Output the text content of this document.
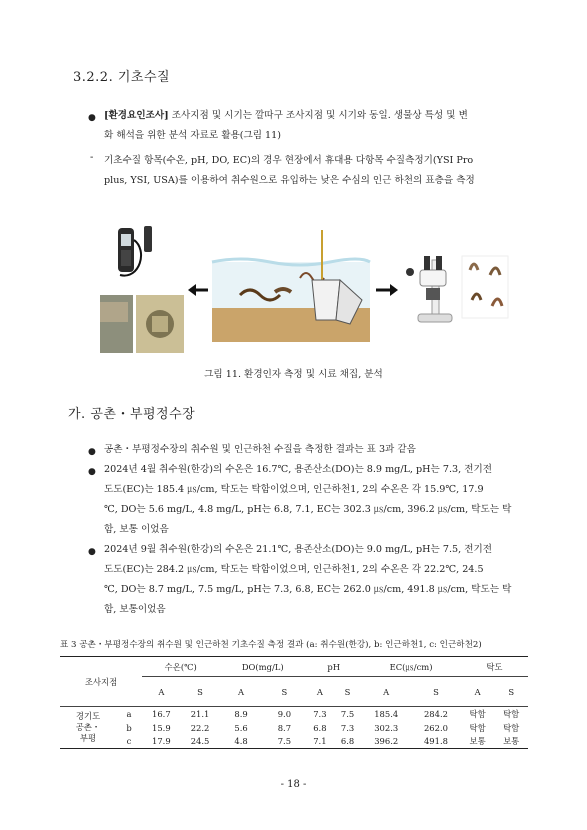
3.2.2. 기초수질
● [환경요인조사] 조사지점 및 시기는 깔따구 조사지점 및 시기와 동일. 생물상 특성 및 변
화 해석을 위한 분석 자료로 활용(그림 11)
- 기초수질 항목(수온, pH, DO, EC)의 경우 현장에서 휴대용 다항목 수질측정기(YSI Pro
plus, YSI, USA)를 이용하여 취수원으로 유입하는 낮은 수심의 인근 하천의 표층을 측정
그림 11. 환경인자 측정 및 시료 채집, 분석
가. 공촌・부평정수장
● 공촌・부평정수장의 취수원 및 인근하천 수질을 측정한 결과는 표 3과 같음
● 2024년 4월 취수원(한강)의 수온은 16.7℃, 용존산소(DO)는 8.9 mg/L, pH는 7.3, 전기전
도도(EC)는 185.4 ㎲/cm, 탁도는 탁함이었으며, 인근하천1, 2의 수온은 각 15.9℃, 17.9
℃, DO는 5.6 mg/L, 4.8 mg/L, pH는 6.8, 7.1, EC는 302.3 ㎲/cm, 396.2 ㎲/cm, 탁도는 탁
함, 보통 이었음
● 2024년 9월 취수원(한강)의 수온은 21.1℃, 용존산소(DO)는 9.0 mg/L, pH는 7.5, 전기전
도도(EC)는 284.2 ㎲/cm, 탁도는 탁함이었으며, 인근하천1, 2의 수온은 각 22.2℃, 24.5
℃, DO는 8.7 mg/L, 7.5 mg/L, pH는 7.3, 6.8, EC는 262.0 ㎲/cm, 491.8 ㎲/cm, 탁도는 탁
함, 보통이었음
표 3 공촌・부평정수장의 취수원 및 인근하천 기초수질 측정 결과 (a: 취수원(한강), b: 인근하천1, c: 인근하천2)
조사지점		수온(℃)		DO(mg/L)		pH		EC(㎲/cm)		탁도	
		A	S	A	S	A	S	A	S	A	S
경기도
공촌・
부평	a	16.7	21.1	8.9	9.0	7.3	7.5	185.4	284.2	탁함	탁함
	b	15.9	22.2	5.6	8.7	6.8	7.3	302.3	262.0	탁함	탁함
	c	17.9	24.5	4.8	7.5	7.1	6.8	396.2	491.8	보통	보통
- 18 -
